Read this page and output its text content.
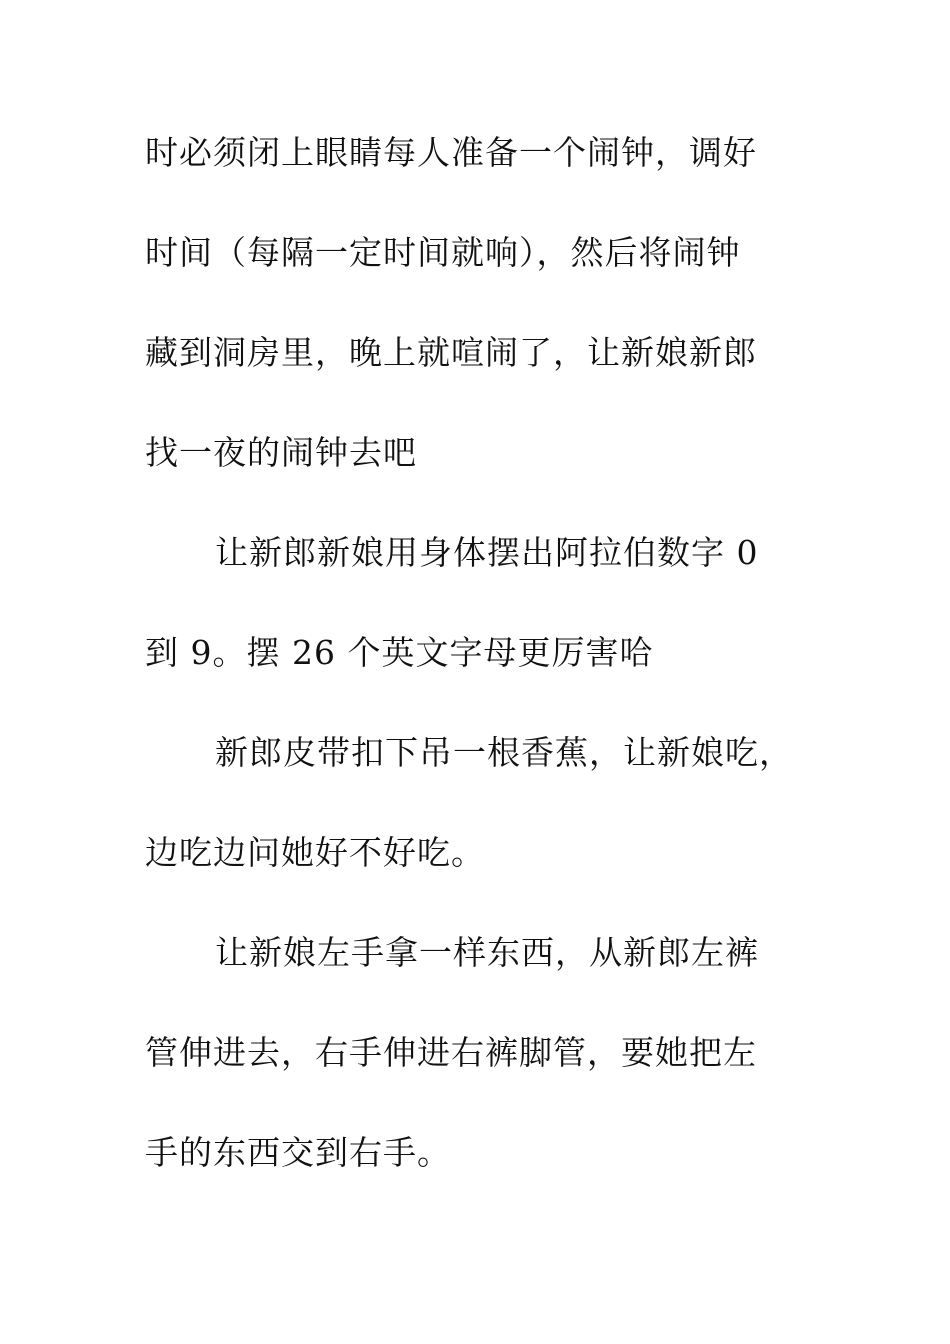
时必须闭上眼睛每人准备一个闹钟，调好
时间（每隔一定时间就响），然后将闹钟
藏到洞房里，晚上就喧闹了，让新娘新郎
找一夜的闹钟去吧
让新郎新娘用身体摆出阿拉伯数字 0
到 9。摆 26 个英文字母更厉害哈
新郎皮带扣下吊一根香蕉，让新娘吃，
边吃边问她好不好吃。
让新娘左手拿一样东西，从新郎左裤
管伸进去，右手伸进右裤脚管，要她把左
手的东西交到右手。
